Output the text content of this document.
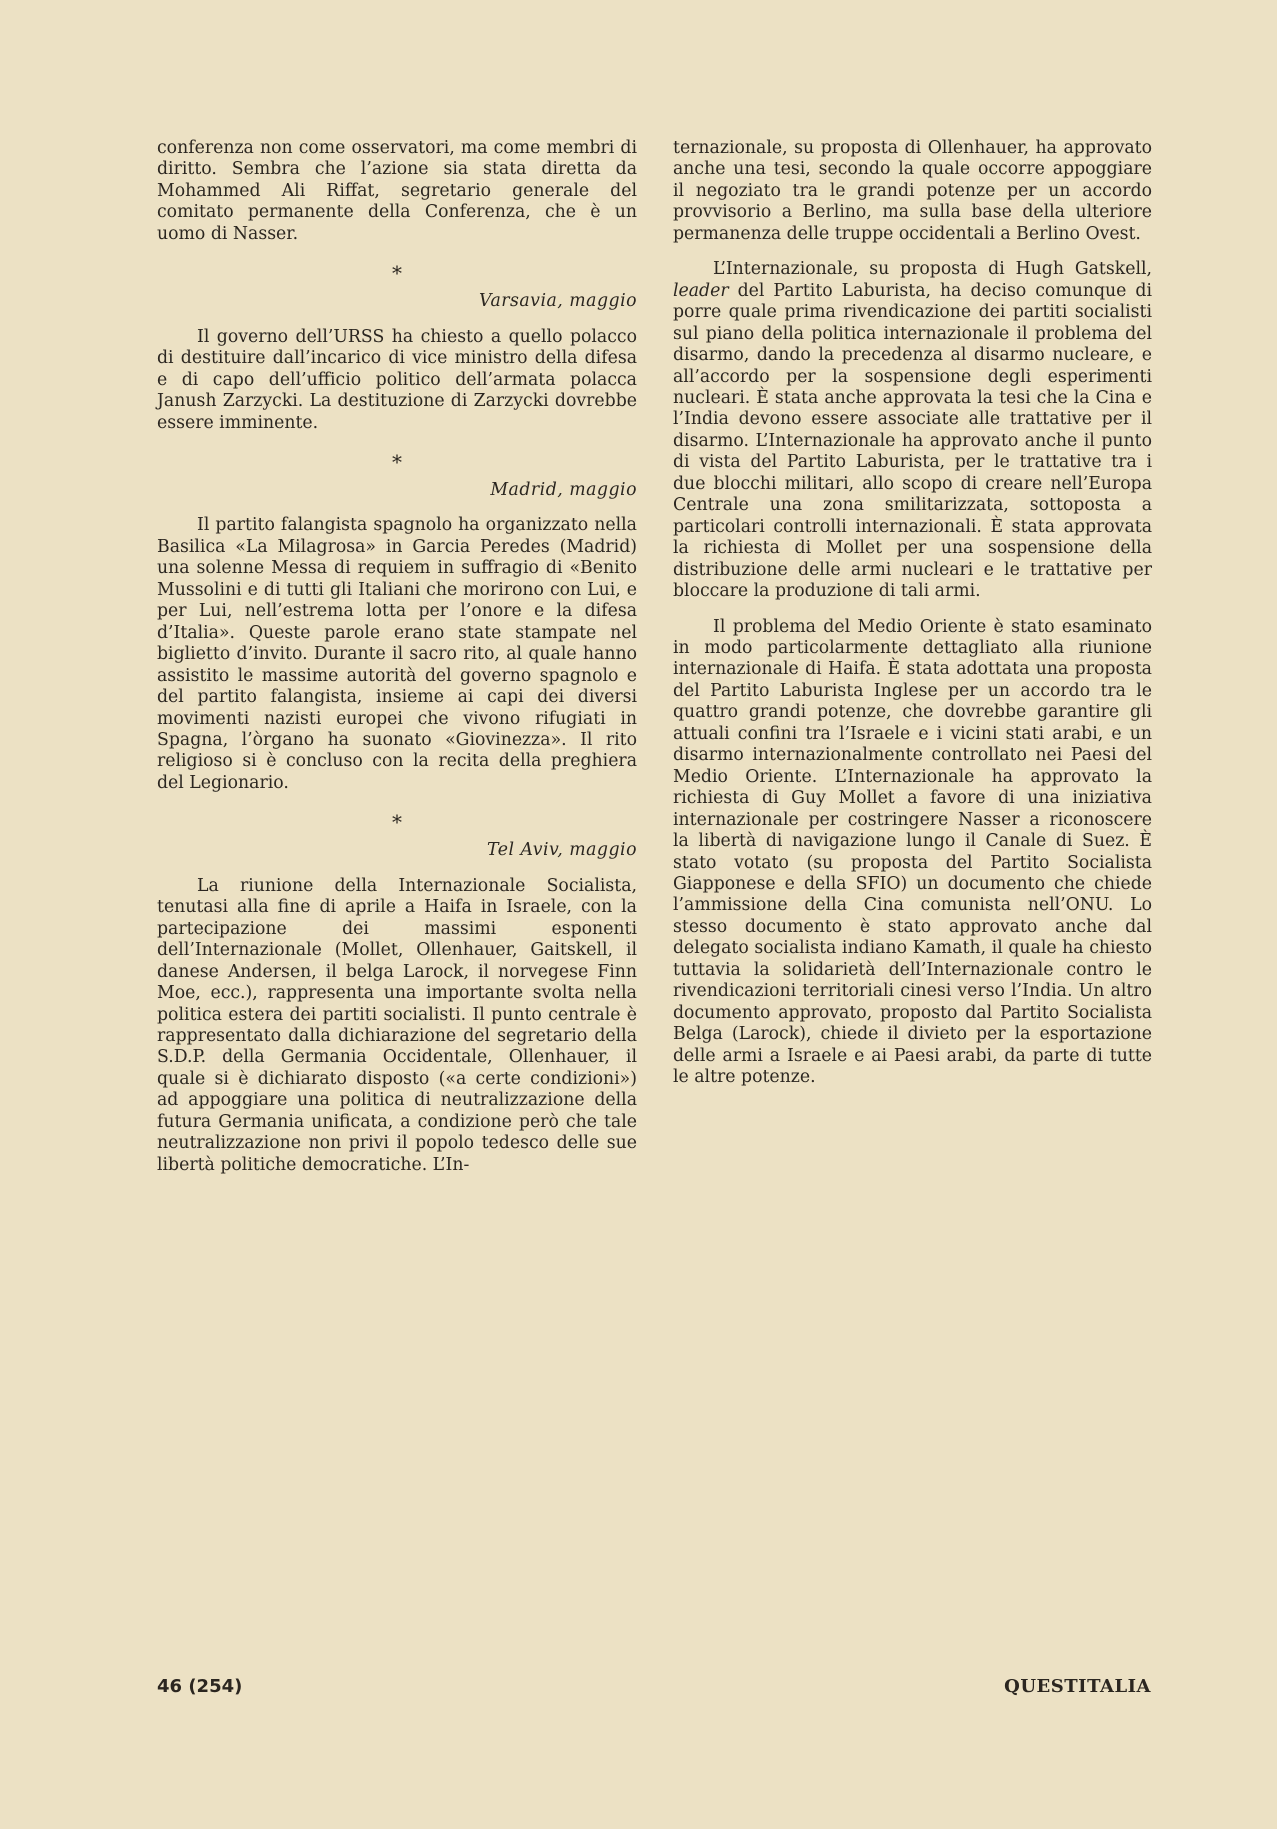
conferenza non come osservatori, ma come membri di diritto. Sembra che l’azione sia stata diretta da Mohammed Ali Riffat, segretario generale del comitato permanente della Conferenza, che è un uomo di Nasser.

*

Varsavia, maggio

Il governo dell’URSS ha chiesto a quello polacco di destituire dall’incarico di vice ministro della difesa e di capo dell’ufficio politico dell’armata polacca Janush Zarzycki. La destituzione di Zarzycki dovrebbe essere imminente.

*

Madrid, maggio

Il partito falangista spagnolo ha organizzato nella Basilica «La Milagrosa» in Garcia Peredes (Madrid) una solenne Messa di requiem in suffragio di «Benito Mussolini e di tutti gli Italiani che morirono con Lui, e per Lui, nell’estrema lotta per l’onore e la difesa d’Italia». Queste parole erano state stampate nel biglietto d’invito. Durante il sacro rito, al quale hanno assistito le massime autorità del governo spagnolo e del partito falangista, insieme ai capi dei diversi movimenti nazisti europei che vivono rifugiati in Spagna, l’òrgano ha suonato «Giovinezza». Il rito religioso si è concluso con la recita della preghiera del Legionario.

*

Tel Aviv, maggio

La riunione della Internazionale Socialista, tenutasi alla fine di aprile a Haifa in Israele, con la partecipazione dei massimi esponenti dell’Internazionale (Mollet, Ollenhauer, Gaitskell, il danese Andersen, il belga Larock, il norvegese Finn Moe, ecc.), rappresenta una importante svolta nella politica estera dei partiti socialisti. Il punto centrale è rappresentato dalla dichiarazione del segretario della S.D.P. della Germania Occidentale, Ollenhauer, il quale si è dichiarato disposto («a certe condizioni») ad appoggiare una politica di neutralizzazione della futura Germania unificata, a condizione però che tale neutralizzazione non privi il popolo tedesco delle sue libertà politiche democratiche. L’In-

ternazionale, su proposta di Ollenhauer, ha approvato anche una tesi, secondo la quale occorre appoggiare il negoziato tra le grandi potenze per un accordo provvisorio a Berlino, ma sulla base della ulteriore permanenza delle truppe occidentali a Berlino Ovest.

L’Internazionale, su proposta di Hugh Gatskell, leader del Partito Laburista, ha deciso comunque di porre quale prima rivendicazione dei partiti socialisti sul piano della politica internazionale il problema del disarmo, dando la precedenza al disarmo nucleare, e all’accordo per la sospensione degli esperimenti nucleari. È stata anche approvata la tesi che la Cina e l’India devono essere associate alle trattative per il disarmo. L’Internazionale ha approvato anche il punto di vista del Partito Laburista, per le trattative tra i due blocchi militari, allo scopo di creare nell’Europa Centrale una zona smilitarizzata, sottoposta a particolari controlli internazionali. È stata approvata la richiesta di Mollet per una sospensione della distribuzione delle armi nucleari e le trattative per bloccare la produzione di tali armi.

Il problema del Medio Oriente è stato esaminato in modo particolarmente dettagliato alla riunione internazionale di Haifa. È stata adottata una proposta del Partito Laburista Inglese per un accordo tra le quattro grandi potenze, che dovrebbe garantire gli attuali confini tra l’Israele e i vicini stati arabi, e un disarmo internazionalmente controllato nei Paesi del Medio Oriente. L’Internazionale ha approvato la richiesta di Guy Mollet a favore di una iniziativa internazionale per costringere Nasser a riconoscere la libertà di navigazione lungo il Canale di Suez. È stato votato (su proposta del Partito Socialista Giapponese e della SFIO) un documento che chiede l’ammissione della Cina comunista nell’ONU. Lo stesso documento è stato approvato anche dal delegato socialista indiano Kamath, il quale ha chiesto tuttavia la solidarietà dell’Internazionale contro le rivendicazioni territoriali cinesi verso l’India. Un altro documento approvato, proposto dal Partito Socialista Belga (Larock), chiede il divieto per la esportazione delle armi a Israele e ai Paesi arabi, da parte di tutte le altre potenze.

46 (254)	QUESTITALIA
